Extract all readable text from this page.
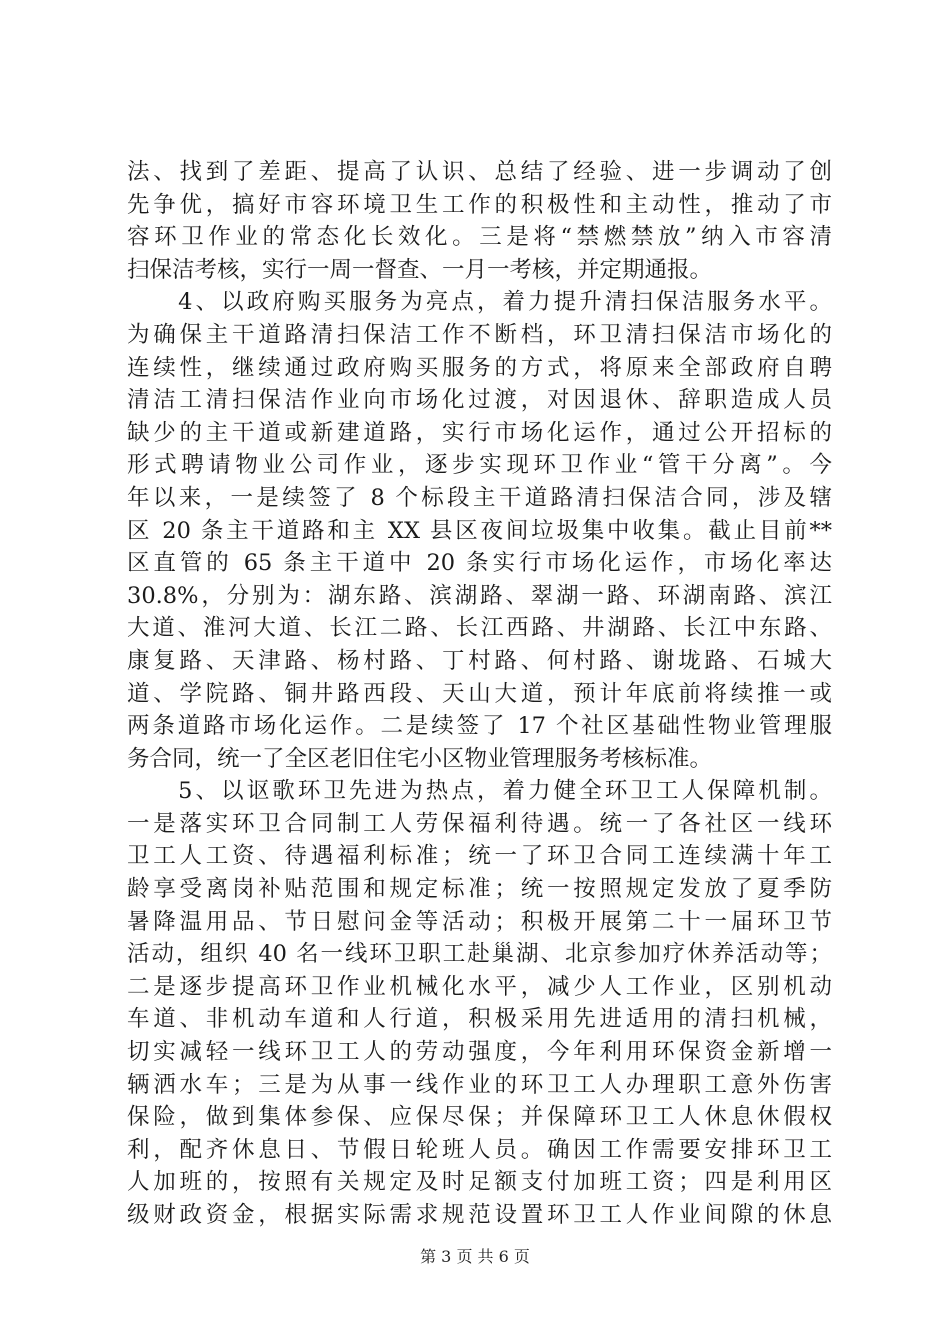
法、找到了差距、提高了认识、总结了经验、进一步调动了创
先争优，搞好市容环境卫生工作的积极性和主动性，推动了市
容环卫作业的常态化长效化。三是将“禁燃禁放”纳入市容清
扫保洁考核，实行一周一督查、一月一考核，并定期通报。
　　4、以政府购买服务为亮点，着力提升清扫保洁服务水平。
为确保主干道路清扫保洁工作不断档，环卫清扫保洁市场化的
连续性，继续通过政府购买服务的方式，将原来全部政府自聘
清洁工清扫保洁作业向市场化过渡，对因退休、辞职造成人员
缺少的主干道或新建道路，实行市场化运作，通过公开招标的
形式聘请物业公司作业，逐步实现环卫作业“管干分离”。今
年以来，一是续签了 8 个标段主干道路清扫保洁合同，涉及辖
区 20 条主干道路和主 XX 县区夜间垃圾集中收集。截止目前**
区直管的 65 条主干道中 20 条实行市场化运作，市场化率达
30.8%，分别为：湖东路、滨湖路、翠湖一路、环湖南路、滨江
大道、淮河大道、长江二路、长江西路、井湖路、长江中东路、
康复路、天津路、杨村路、丁村路、何村路、谢垅路、石城大
道、学院路、铜井路西段、天山大道，预计年底前将续推一或
两条道路市场化运作。二是续签了 17 个社区基础性物业管理服
务合同，统一了全区老旧住宅小区物业管理服务考核标准。
　　5、以讴歌环卫先进为热点，着力健全环卫工人保障机制。
一是落实环卫合同制工人劳保福利待遇。统一了各社区一线环
卫工人工资、待遇福利标准；统一了环卫合同工连续满十年工
龄享受离岗补贴范围和规定标准；统一按照规定发放了夏季防
暑降温用品、节日慰问金等活动；积极开展第二十一届环卫节
活动，组织 40 名一线环卫职工赴巢湖、北京参加疗休养活动等；
二是逐步提高环卫作业机械化水平，减少人工作业，区别机动
车道、非机动车道和人行道，积极采用先进适用的清扫机械，
切实减轻一线环卫工人的劳动强度，今年利用环保资金新增一
辆洒水车；三是为从事一线作业的环卫工人办理职工意外伤害
保险，做到集体参保、应保尽保；并保障环卫工人休息休假权
利，配齐休息日、节假日轮班人员。确因工作需要安排环卫工
人加班的，按照有关规定及时足额支付加班工资；四是利用区
级财政资金，根据实际需求规范设置环卫工人作业间隙的休息
第 3 页 共 6 页
